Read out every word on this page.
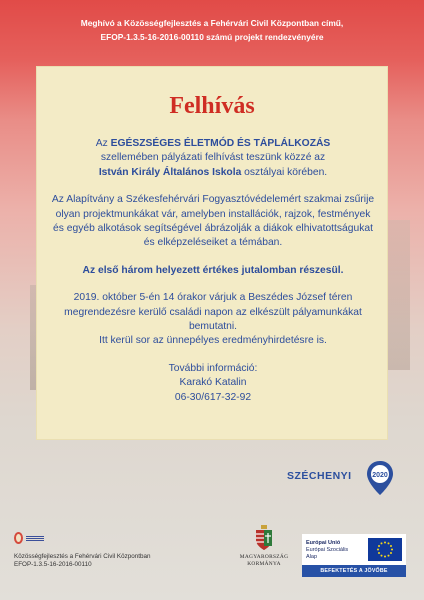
Meghívó a Közösségfejlesztés a Fehérvári Civil Központban című,
EFOP-1.3.5-16-2016-00110 számú projekt rendezvényére
Felhívás

Az EGÉSZSÉGES ÉLETMÓD ÉS TÁPLÁLKOZÁS
szellemében pályázati felhívást teszünk közzé az
István Király Általános Iskola osztályai körében.

Az Alapítvány a Székesfehérvári Fogyasztóvédelemért szakmai zsűrije olyan projektmunkákat vár, amelyben installációk, rajzok, festmények és egyéb alkotások segítségével ábrázolják a diákok elhivatottságukat és elképzeléseiket a témában.

Az első három helyezett értékes jutalomban részesül.

2019. október 5-én 14 órakor várjuk a Beszédes József téren megrendezésre kerülő családi napon az elkészült pályamunkákat bemutatni.

Itt kerül sor az ünnepélyes eredményhirdetésre is.

További információ:
Karakó Katalin
06-30/617-32-92

Közösségfejlesztés a Fehérvári Civil Központban
EFOP-1.3.5-16-2016-00110
SZÉCHENYI	2020
MAGYARORSZÁG
KORMÁNYA
Európai Unió
Európai Szociális
Alap
BEFEKTETÉS A JÖVŐBE
